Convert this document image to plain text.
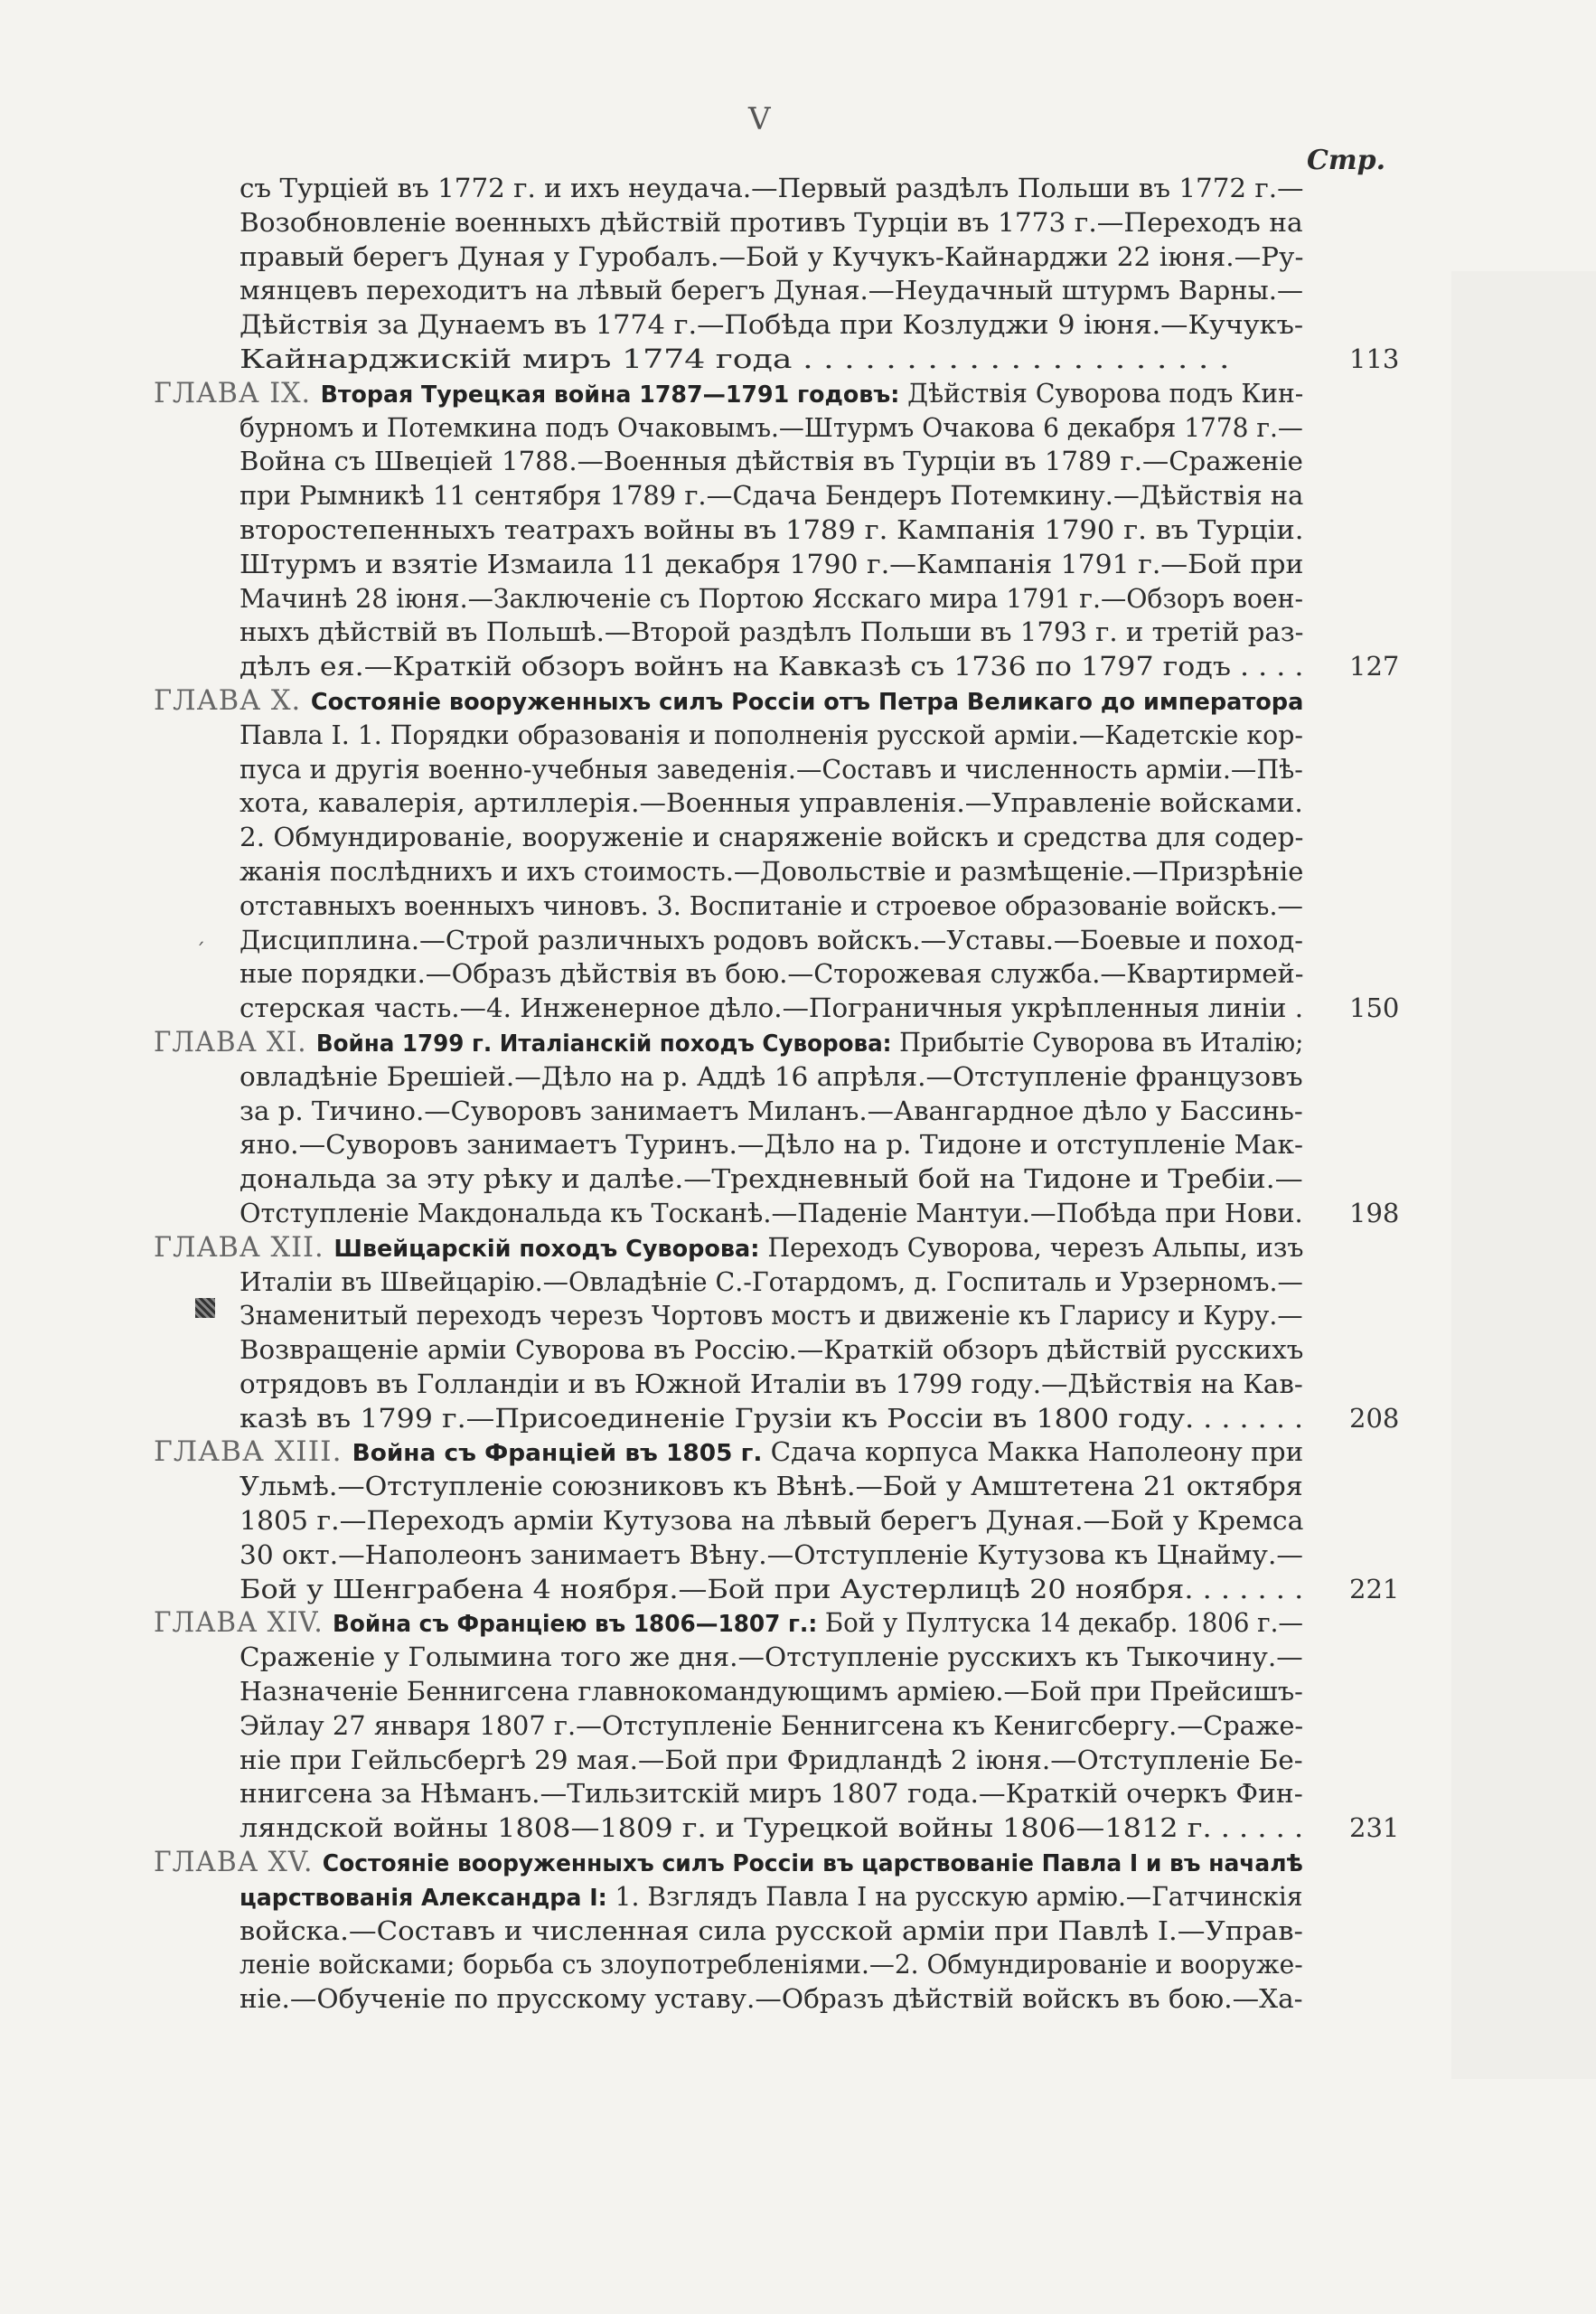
V
Стр.
ˊ
съ Турціей въ 1772 г. и ихъ неудача.—Первый раздѣлъ Польши въ 1772 г.—
Возобновленіе военныхъ дѣйствій противъ Турціи въ 1773 г.—Переходъ на
правый берегъ Дуная у Гуробалъ.—Бой у Кучукъ-Кайнарджи 22 іюня.—Ру-
мянцевъ переходитъ на лѣвый берегъ Дуная.—Неудачный штурмъ Варны.—
Дѣйствія за Дунаемъ въ 1774 г.—Побѣда при Козлуджи 9 іюня.—Кучукъ-
Кайнарджискій миръ 1774 года . . . . . . . . . . . . . . . . . . . . .	113
ГЛАВА IX. Вторая Турецкая война 1787—1791 годовъ: Дѣйствія Суворова подъ Кин-
бурномъ и Потемкина подъ Очаковымъ.—Штурмъ Очакова 6 декабря 1778 г.—
Война съ Швеціей 1788.—Военныя дѣйствія въ Турціи въ 1789 г.—Сраженіе
при Рымникѣ 11 сентября 1789 г.—Сдача Бендеръ Потемкину.—Дѣйствія на
второстепенныхъ театрахъ войны въ 1789 г. Кампанія 1790 г. въ Турціи.
Штурмъ и взятіе Измаила 11 декабря 1790 г.—Кампанія 1791 г.—Бой при
Мачинѣ 28 іюня.—Заключеніе съ Портою Ясскаго мира 1791 г.—Обзоръ воен-
ныхъ дѣйствій въ Польшѣ.—Второй раздѣлъ Польши въ 1793 г. и третій раз-
дѣлъ ея.—Краткій обзоръ войнъ на Кавказѣ съ 1736 по 1797 годъ . . . . 127
ГЛАВА Х. Состояніе вооруженныхъ силъ Россіи отъ Петра Великаго до императора
Павла I. 1. Порядки образованія и пополненія русской арміи.—Кадетскіе кор-
пуса и другія военно-учебныя заведенія.—Составъ и численность арміи.—Пѣ-
хота, кавалерія, артиллерія.—Военныя управленія.—Управленіе войсками.
2. Обмундированіе, вооруженіе и снаряженіе войскъ и средства для содер-
жанія послѣднихъ и ихъ стоимость.—Довольствіе и размѣщеніе.—Призрѣніе
отставныхъ военныхъ чиновъ. 3. Воспитаніе и строевое образованіе войскъ.—
Дисциплина.—Строй различныхъ родовъ войскъ.—Уставы.—Боевые и поход-
ные порядки.—Образъ дѣйствія въ бою.—Сторожевая служба.—Квартирмей-
стерская часть.—4. Инженерное дѣло.—Пограничныя укрѣпленныя линіи . 150
ГЛАВА XI. Война 1799 г. Италіанскій походъ Суворова: Прибытіе Суворова въ Италію;
овладѣніе Брешіей.—Дѣло на р. Аддѣ 16 апрѣля.—Отступленіе французовъ
за р. Тичино.—Суворовъ занимаетъ Миланъ.—Авангардное дѣло у Бассинь-
яно.—Суворовъ занимаетъ Туринъ.—Дѣло на р. Тидоне и отступленіе Мак-
дональда за эту рѣку и далѣе.—Трехдневный бой на Тидоне и Требіи.—
Отступленіе Макдональда къ Тосканѣ.—Паденіе Мантуи.—Побѣда при Нови. 198
ГЛАВА XII. Швейцарскій походъ Суворова: Переходъ Суворова, черезъ Альпы, изъ
Италіи въ Швейцарію.—Овладѣніе С.-Готардомъ, д. Госпиталь и Урзерномъ.—
Знаменитый переходъ черезъ Чортовъ мостъ и движеніе къ Гларису и Куру.—
Возвращеніе арміи Суворова въ Россію.—Краткій обзоръ дѣйствій русскихъ
отрядовъ въ Голландіи и въ Южной Италіи въ 1799 году.—Дѣйствія на Кав-
казѣ въ 1799 г.—Присоединеніе Грузіи къ Россіи въ 1800 году. . . . . . . 208
ГЛАВА XIII. Война съ Франціей въ 1805 г. Сдача корпуса Макка Наполеону при
Ульмѣ.—Отступленіе союзниковъ къ Вѣнѣ.—Бой у Амштетена 21 октября
1805 г.—Переходъ арміи Кутузова на лѣвый берегъ Дуная.—Бой у Кремса
30 окт.—Наполеонъ занимаетъ Вѣну.—Отступленіе Кутузова къ Цнайму.—
Бой у Шенграбена 4 ноября.—Бой при Аустерлицѣ 20 ноября. . . . . . . 221
ГЛАВА XIV. Война съ Франціею въ 1806—1807 г.: Бой у Пултуска 14 декабр. 1806 г.—
Сраженіе у Голымина того же дня.—Отступленіе русскихъ къ Тыкочину.—
Назначеніе Беннигсена главнокомандующимъ арміею.—Бой при Прейсишъ-
Эйлау 27 января 1807 г.—Отступленіе Беннигсена къ Кенигсбергу.—Сраже-
ніе при Гейльсбергѣ 29 мая.—Бой при Фридландѣ 2 іюня.—Отступленіе Бе-
ннигсена за Нѣманъ.—Тильзитскій миръ 1807 года.—Краткій очеркъ Фин-
ляндской войны 1808—1809 г. и Турецкой войны 1806—1812 г. . . . . . 231
ГЛАВА XV. Состояніе вооруженныхъ силъ Россіи въ царствованіе Павла I и въ началѣ
царствованія Александра I: 1. Взглядъ Павла I на русскую армію.—Гатчинскія
войска.—Составъ и численная сила русской арміи при Павлѣ I.—Управ-
леніе войсками; борьба съ злоупотребленіями.—2. Обмундированіе и вооруже-
ніе.—Обученіе по прусскому уставу.—Образъ дѣйствій войскъ въ бою.—Ха-
